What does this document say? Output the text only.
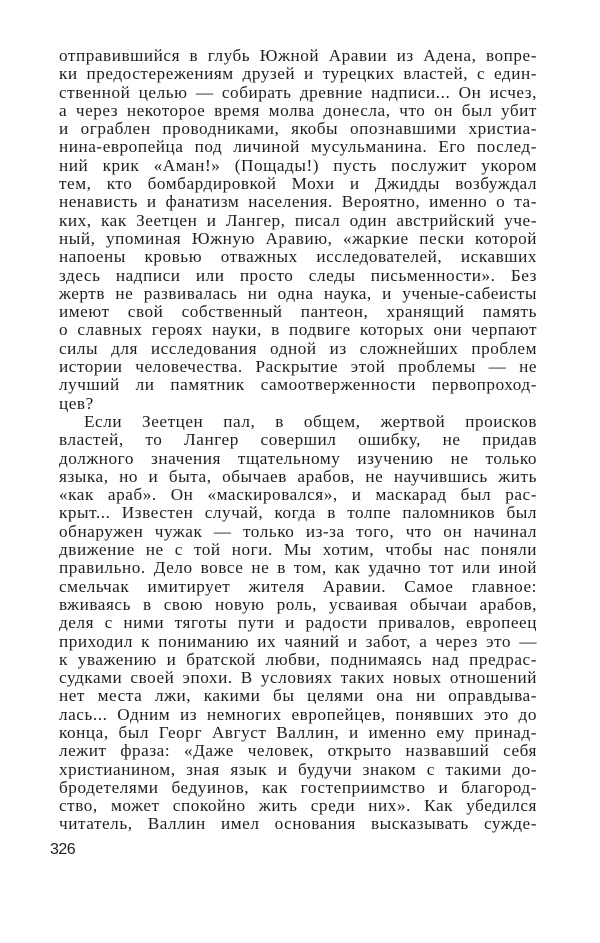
отправившийся в глубь Южной Аравии из Адена, вопре-
ки предостережениям друзей и турецких властей, с един-
ственной целью — собирать древние надписи... Он исчез,
а через некоторое время молва донесла, что он был убит
и ограблен проводниками, якобы опознавшими христиа-
нина-европейца под личиной мусульманина. Его послед-
ний крик «Аман!» (Пощады!) пусть послужит укором
тем, кто бомбардировкой Мохи и Джидды возбуждал
ненависть и фанатизм населения. Вероятно, именно о та-
ких, как Зеетцен и Лангер, писал один австрийский уче-
ный, упоминая Южную Аравию, «жаркие пески которой
напоены кровью отважных исследователей, искавших
здесь надписи или просто следы письменности». Без
жертв не развивалась ни одна наука, и ученые-сабеисты
имеют свой собственный пантеон, хранящий память
о славных героях науки, в подвиге которых они черпают
силы для исследования одной из сложнейших проблем
истории человечества. Раскрытие этой проблемы — не
лучший ли памятник самоотверженности первопроход-
цев?
Если Зеетцен пал, в общем, жертвой происков
властей, то Лангер совершил ошибку, не придав
должного значения тщательному изучению не только
языка, но и быта, обычаев арабов, не научившись жить
«как араб». Он «маскировался», и маскарад был рас-
крыт... Известен случай, когда в толпе паломников был
обнаружен чужак — только из-за того, что он начинал
движение не с той ноги. Мы хотим, чтобы нас поняли
правильно. Дело вовсе не в том, как удачно тот или иной
смельчак имитирует жителя Аравии. Самое главное:
вживаясь в свою новую роль, усваивая обычаи арабов,
деля с ними тяготы пути и радости привалов, европеец
приходил к пониманию их чаяний и забот, а через это —
к уважению и братской любви, поднимаясь над предрас-
судками своей эпохи. В условиях таких новых отношений
нет места лжи, какими бы целями она ни оправдыва-
лась... Одним из немногих европейцев, понявших это до
конца, был Георг Август Валлин, и именно ему принад-
лежит фраза: «Даже человек, открыто назвавший себя
христианином, зная язык и будучи знаком с такими до-
бродетелями бедуинов, как гостеприимство и благород-
ство, может спокойно жить среди них». Как убедился
читатель, Валлин имел основания высказывать сужде-
326
